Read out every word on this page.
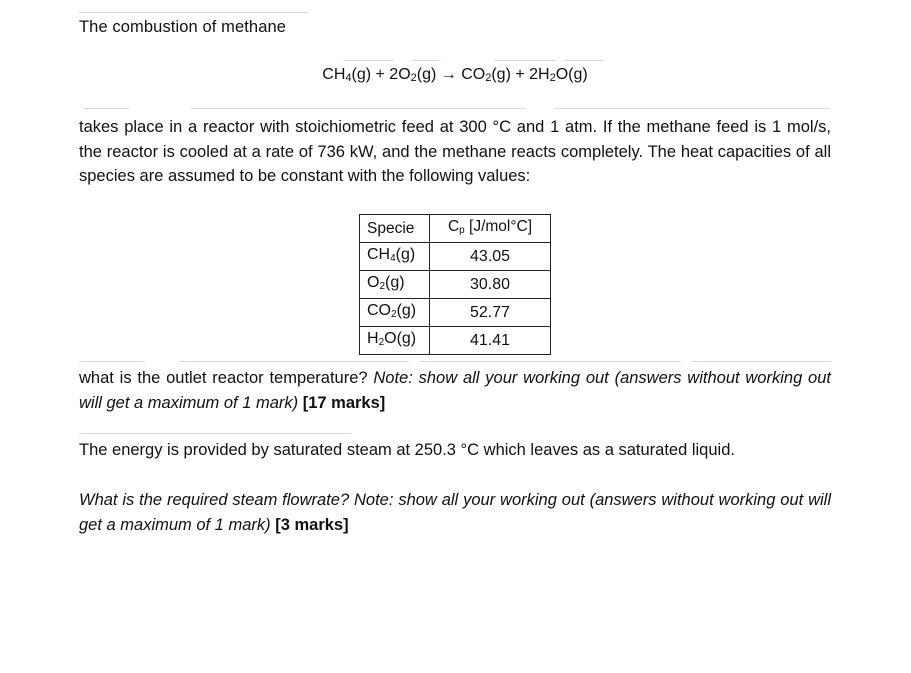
The combustion of methane
$CH_4(g) + 2O_2(g) \to CO_2(g) + 2H_2O(g)$
takes place in a reactor with stoichiometric feed at 300 °C and 1 atm. If the methane feed is 1 mol/s, the reactor is cooled at a rate of 736 kW, and the methane reacts completely. The heat capacities of all species are assumed to be constant with the following values:
Specie	$C_p$ [J/mol°C]
$CH_4(g)$	43.05
$O_2(g)$	30.80
$CO_2(g)$	52.77
$H_2O(g)$	41.41
what is the outlet reactor temperature? Note: show all your working out (answers without working out will get a maximum of 1 mark) [17 marks]
The energy is provided by saturated steam at 250.3 °C which leaves as a saturated liquid.
What is the required steam flowrate? Note: show all your working out (answers without working out will get a maximum of 1 mark) [3 marks]
